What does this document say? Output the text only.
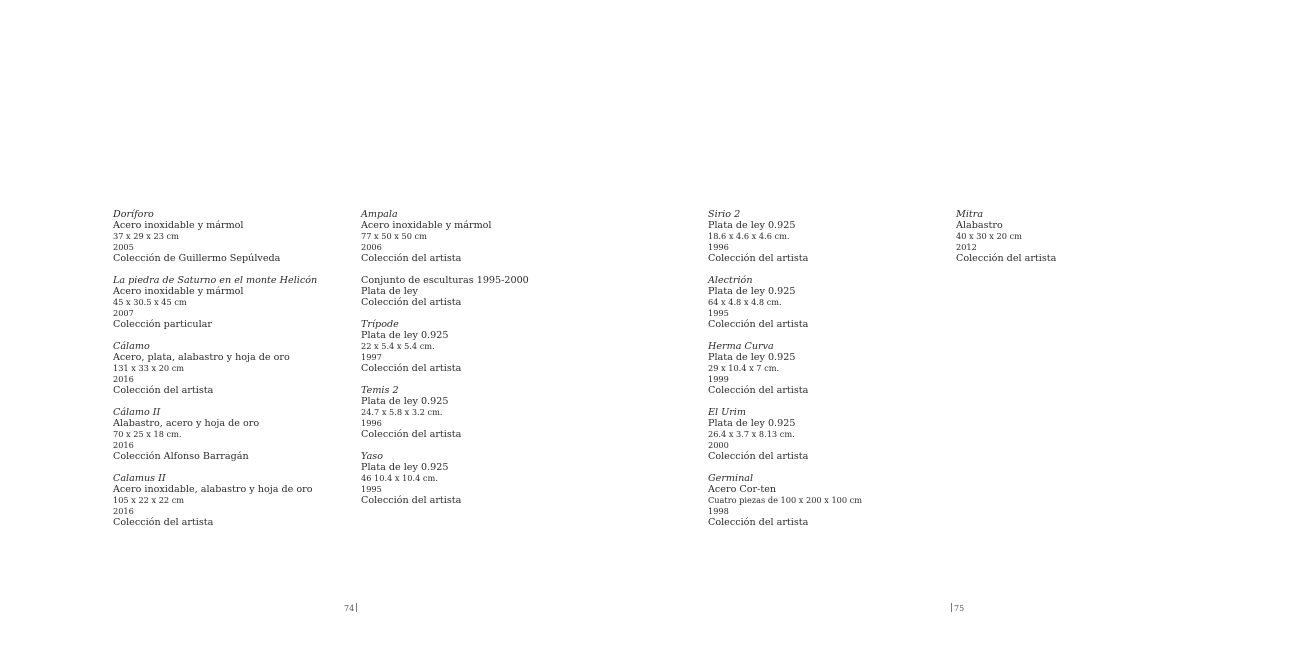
Doríforo
Acero inoxidable y mármol
37 x 29 x 23 cm
2005
Colección de Guillermo Sepúlveda
La piedra de Saturno en el monte Helicón
Acero inoxidable y mármol
45 x 30.5 x 45 cm
2007
Colección particular
Cálamo
Acero, plata, alabastro y hoja de oro
131 x 33 x 20 cm
2016
Colección del artista
Cálamo II
Alabastro, acero y hoja de oro
70 x 25 x 18 cm.
2016
Colección Alfonso Barragán
Calamus II
Acero inoxidable, alabastro y hoja de oro
105 x 22 x 22 cm
2016
Colección del artista
Ampala
Acero inoxidable y mármol
77 x 50 x 50 cm
2006
Colección del artista
Conjunto de esculturas 1995-2000
Plata de ley
Colección del artista
Trípode
Plata de ley 0.925
22 x 5.4 x 5.4 cm.
1997
Colección del artista
Temis 2
Plata de ley 0.925
24.7 x 5.8 x 3.2 cm.
1996
Colección del artista
Yaso
Plata de ley 0.925
46 10.4 x 10.4 cm.
1995
Colección del artista
Sirio 2
Plata de ley 0.925
18.6 x 4.6 x 4.6 cm.
1996
Colección del artista
Alectrión
Plata de ley 0.925
64 x 4.8 x 4.8 cm.
1995
Colección del artista
Herma Curva
Plata de ley 0.925
29 x 10.4 x 7 cm.
1999
Colección del artista
El Urim
Plata de ley 0.925
26.4 x 3.7 x 8.13 cm.
2000
Colección del artista
Germinal
Acero Cor-ten
Cuatro piezas de 100 x 200 x 100 cm
1998
Colección del artista
Mitra
Alabastro
40 x 30 x 20 cm
2012
Colección del artista
74	75
